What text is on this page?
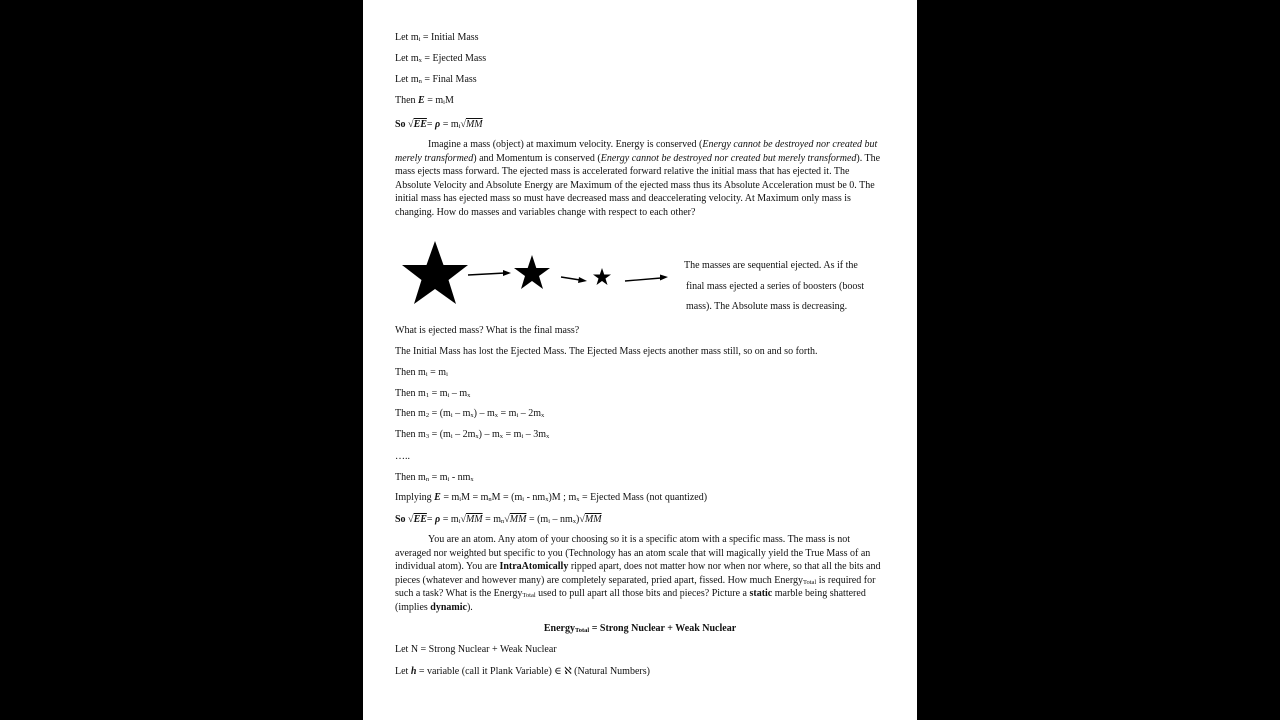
Let $m_i$ = Initial Mass
Let $m_x$ = Ejected Mass
Let $m_n$ = Final Mass
Then $E = m_iM$
So $√EE= \rho = m_i√MM$
Imagine a mass (object) at maximum velocity. Energy is conserved (Energy cannot be destroyed nor created but merely transformed) and Momentum is conserved (Energy cannot be destroyed nor created but merely transformed). The mass ejects mass forward. The ejected mass is accelerated forward relative the initial mass that has ejected it. The Absolute Velocity and Absolute Energy are Maximum of the ejected mass thus its Absolute Acceleration must be 0. The initial mass has ejected mass so must have decreased mass and deaccelerating velocity. At Maximum only mass is changing. How do masses and variables change with respect to each other?
The masses are sequential ejected. As if the
final mass ejected a series of boosters (boost
mass). The Absolute mass is decreasing.
What is ejected mass? What is the final mass?
The Initial Mass has lost the Ejected Mass. The Ejected Mass ejects another mass still, so on and so forth.
Then $m_i = m_i$
Then $m_1 = m_i - m_x$
Then $m_2 = (m_i - m_x) - m_x = m_i - 2m_x$
Then $m_3 = (m_i - 2m_x) - m_x = m_i - 3m_x$
…..
Then $m_n = m_i - nm_x$
Implying $E = m_iM = m_nM = (m_i - nm_x)M$ ; $m_x$ = Ejected Mass (not quantized)
So $√EE= \rho = m_i√MM = m_n√MM = (m_i - nm_x)√MM$
You are an atom. Any atom of your choosing so it is a specific atom with a specific mass. The mass is not averaged nor weighted but specific to you (Technology has an atom scale that will magically yield the True Mass of an individual atom). You are IntraAtomically ripped apart, does not matter how nor when nor where, so that all the bits and pieces (whatever and however many) are completely separated, pried apart, fissed. How much Energy$_{Total}$ is required for such a task? What is the Energy$_{Total}$ used to pull apart all those bits and pieces? Picture a static marble being shattered (implies dynamic).
Energy$_{Total}$ = Strong Nuclear + Weak Nuclear
Let N = Strong Nuclear + Weak Nuclear
Let h = variable (call it Plank Variable) ∈ ℵ (Natural Numbers)
